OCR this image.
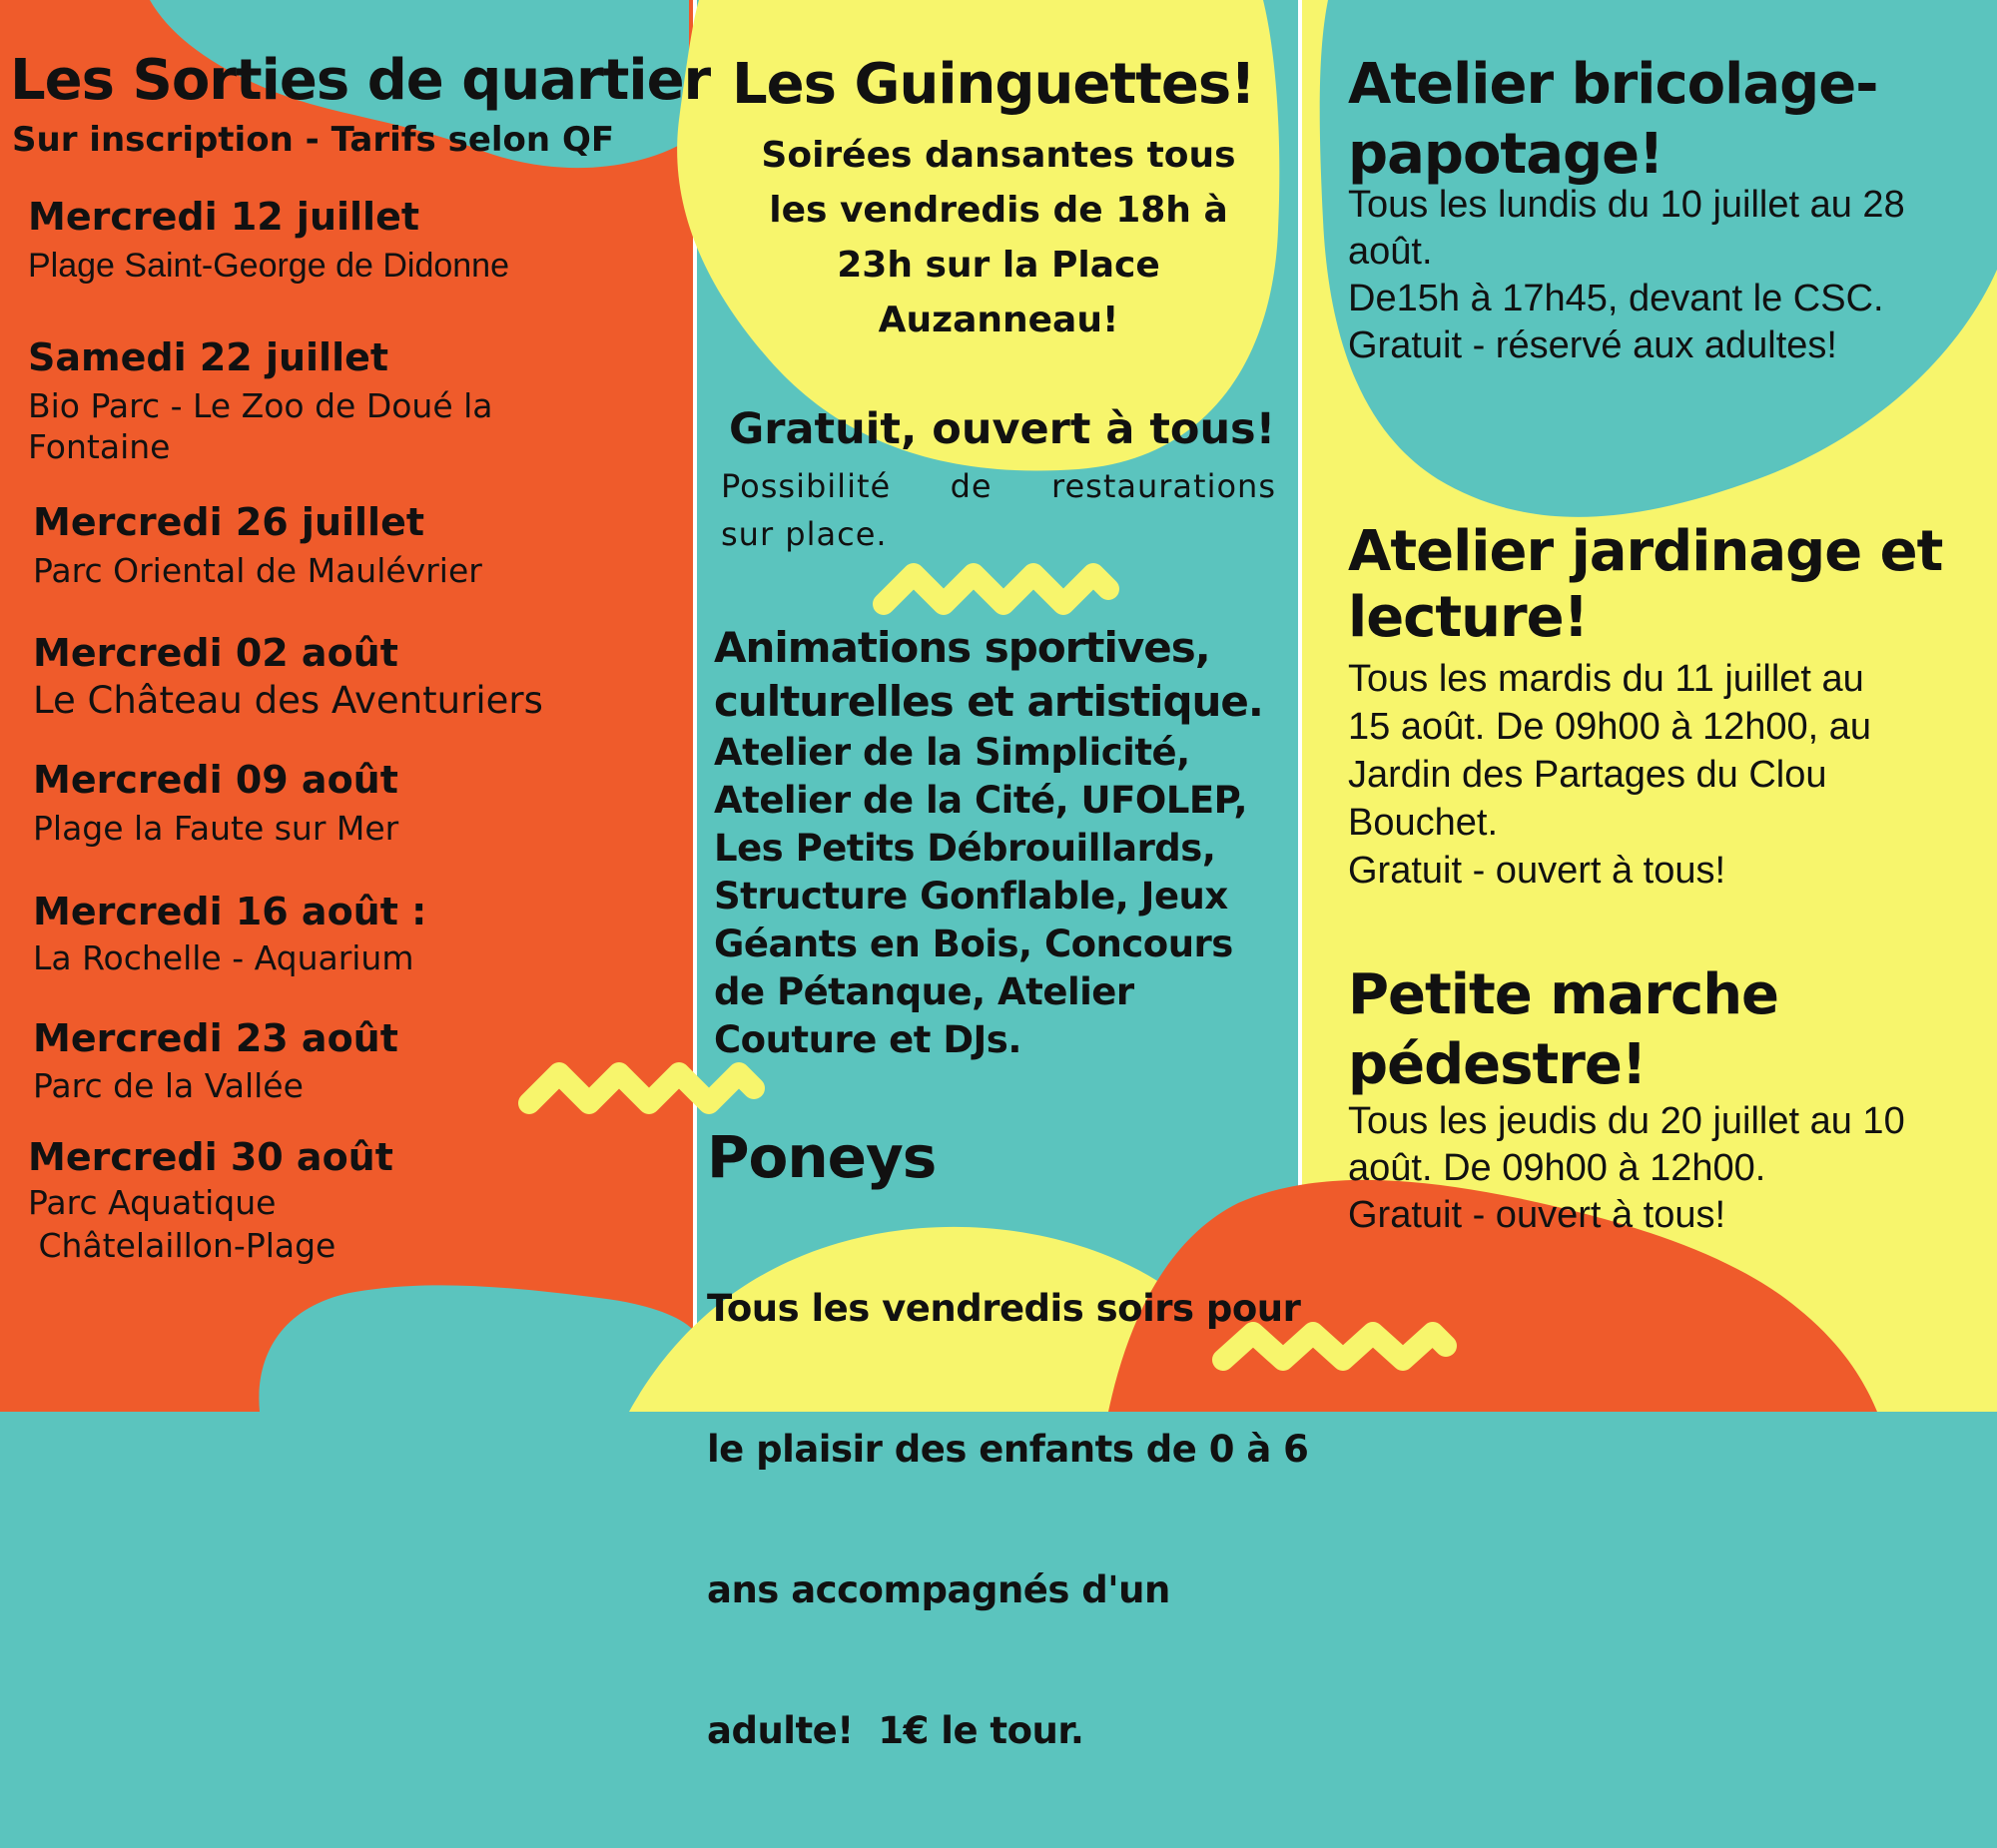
Les Sorties de quartier
Sur inscription - Tarifs selon QF
Mercredi 12 juillet
Plage Saint-George de Didonne
Samedi 22 juillet
Bio Parc - Le Zoo de Doué la
Fontaine
Mercredi 26 juillet
Parc Oriental de Maulévrier
Mercredi 02 août
Le Château des Aventuriers
Mercredi 09 août
Plage la Faute sur Mer
Mercredi 16 août :
La Rochelle - Aquarium
Mercredi 23 août
Parc de la Vallée
Mercredi 30 août
Parc Aquatique
Châtelaillon-Plage
Les Guinguettes!
Soirées dansantes tous
les vendredis de 18h à
23h sur la Place
Auzanneau!
Gratuit, ouvert à tous!
Possibilité de restaurations
sur place.
Animations sportives,
culturelles et artistique.
Atelier de la Simplicité,
Atelier de la Cité, UFOLEP,
Les Petits Débrouillards,
Structure Gonflable, Jeux
Géants en Bois, Concours
de Pétanque, Atelier
Couture et DJs.
Poneys

Tous les vendredis soirs pour

le plaisir des enfants de 0 à 6

ans accompagnés d'un

adulte!  1€ le tour.

Atelier bricolage-
papotage!
Tous les lundis du 10 juillet au 28
août.
De15h à 17h45, devant le CSC.
Gratuit - réservé aux adultes!
Atelier jardinage et
lecture!
Tous les mardis du 11 juillet au
15 août. De 09h00 à 12h00, au
Jardin des Partages du Clou
Bouchet.
Gratuit - ouvert à tous!
Petite marche
pédestre!
Tous les jeudis du 20 juillet au 10
août. De 09h00 à 12h00.
Gratuit - ouvert à tous!
